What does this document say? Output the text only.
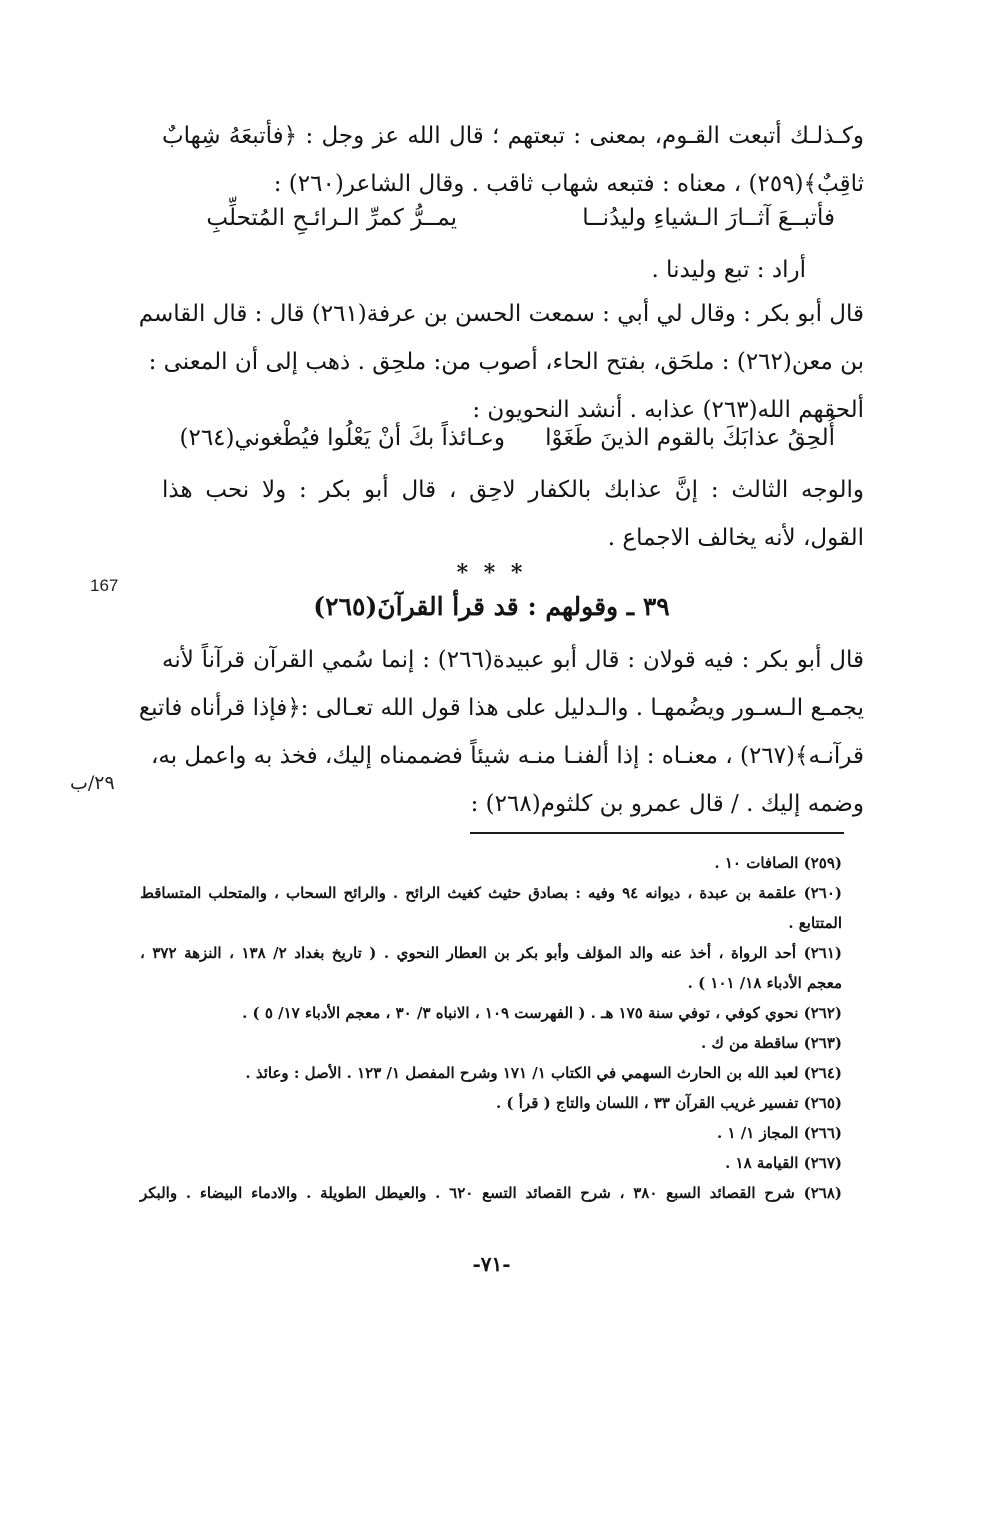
وكـذلـك أتبعت القـوم، بمعنى : تبعتهم ؛ قال الله عز وجل : ﴿فأتبعَهُ شِهابٌ
ثاقِبٌ﴾(٢٥٩) ، معناه : فتبعه شهاب ثاقب . وقال الشاعر(٢٦٠) :
فأتبــعَ آثــارَ الـشياءِ وليدُنــا
يمــرُّ كمرِّ الـرائـحِ المُتحلِّبِ
أراد : تبع وليدنا .
قال أبو بكر : وقال لي أبي : سمعت الحسن بن عرفة(٢٦١) قال : قال القاسم
بن معن(٢٦٢) : ملحَق، بفتح الحاء، أصوب من: ملحِق . ذهب إلى أن المعنى :
ألحقهم الله(٢٦٣) عذابه . أنشد النحويون :
أُلحِقُ عذابَكَ بالقوم الذينَ طَغَوْا
وعـائذاً بكَ أنْ يَعْلُوا فيُطْغوني(٢٦٤)
والوجه الثالث : إنَّ عذابك بالكفار لاحِق ، قال أبو بكر : ولا نحب هذا
القول، لأنه يخالف الاجماع .
* * *
٣٩ ـ وقولهم : قد قرأ القرآنَ(٢٦٥)
قال أبو بكر : فيه قولان : قال أبو عبيدة(٢٦٦) : إنما سُمي القرآن قرآناً لأنه
يجمـع الـسـور ويضُمهـا . والـدليل على هذا قول الله تعـالى :﴿فإذا قرأناه فاتبع
قرآنـه﴾(٢٦٧) ، معنـاه : إذا ألفنـا منـه شيئاً فضممناه إليك، فخذ به واعمل به،
وضمه إليك . / قال عمرو بن كلثوم(٢٦٨) :
167
٢٩/ب
(٢٥٩) الصافات ١٠ .
(٢٦٠) علقمة بن عبدة ، ديوانه ٩٤ وفيه : بصادق حثيث كغيث الرائح . والرائح السحاب ، والمتحلب المتساقط
المتتابع .
(٢٦١) أحد الرواة ، أخذ عنه والد المؤلف وأبو بكر بن العطار النحوي . ( تاريخ بغداد ٢/ ١٣٨ ، النزهة ٣٧٢ ،
معجم الأدباء ١٨/ ١٠١ ) .
(٢٦٢) نحوي كوفي ، توفي سنة ١٧٥ هـ . ( الفهرست ١٠٩ ، الانباه ٣/ ٣٠ ، معجم الأدباء ١٧/ ٥ ) .
(٢٦٣) ساقطة من ك .
(٢٦٤) لعبد الله بن الحارث السهمي في الكتاب ١/ ١٧١ وشرح المفصل ١/ ١٢٣ . الأصل : وعائذ .
(٢٦٥) تفسير غريب القرآن ٣٣ ، اللسان والتاج ( قرأ ) .
(٢٦٦) المجاز ١/ ١ .
(٢٦٧) القيامة ١٨ .
(٢٦٨) شرح القصائد السبع ٣٨٠ ، شرح القصائد التسع ٦٢٠ . والعيطل الطويلة . والادماء البيضاء . والبكر
-٧١-
